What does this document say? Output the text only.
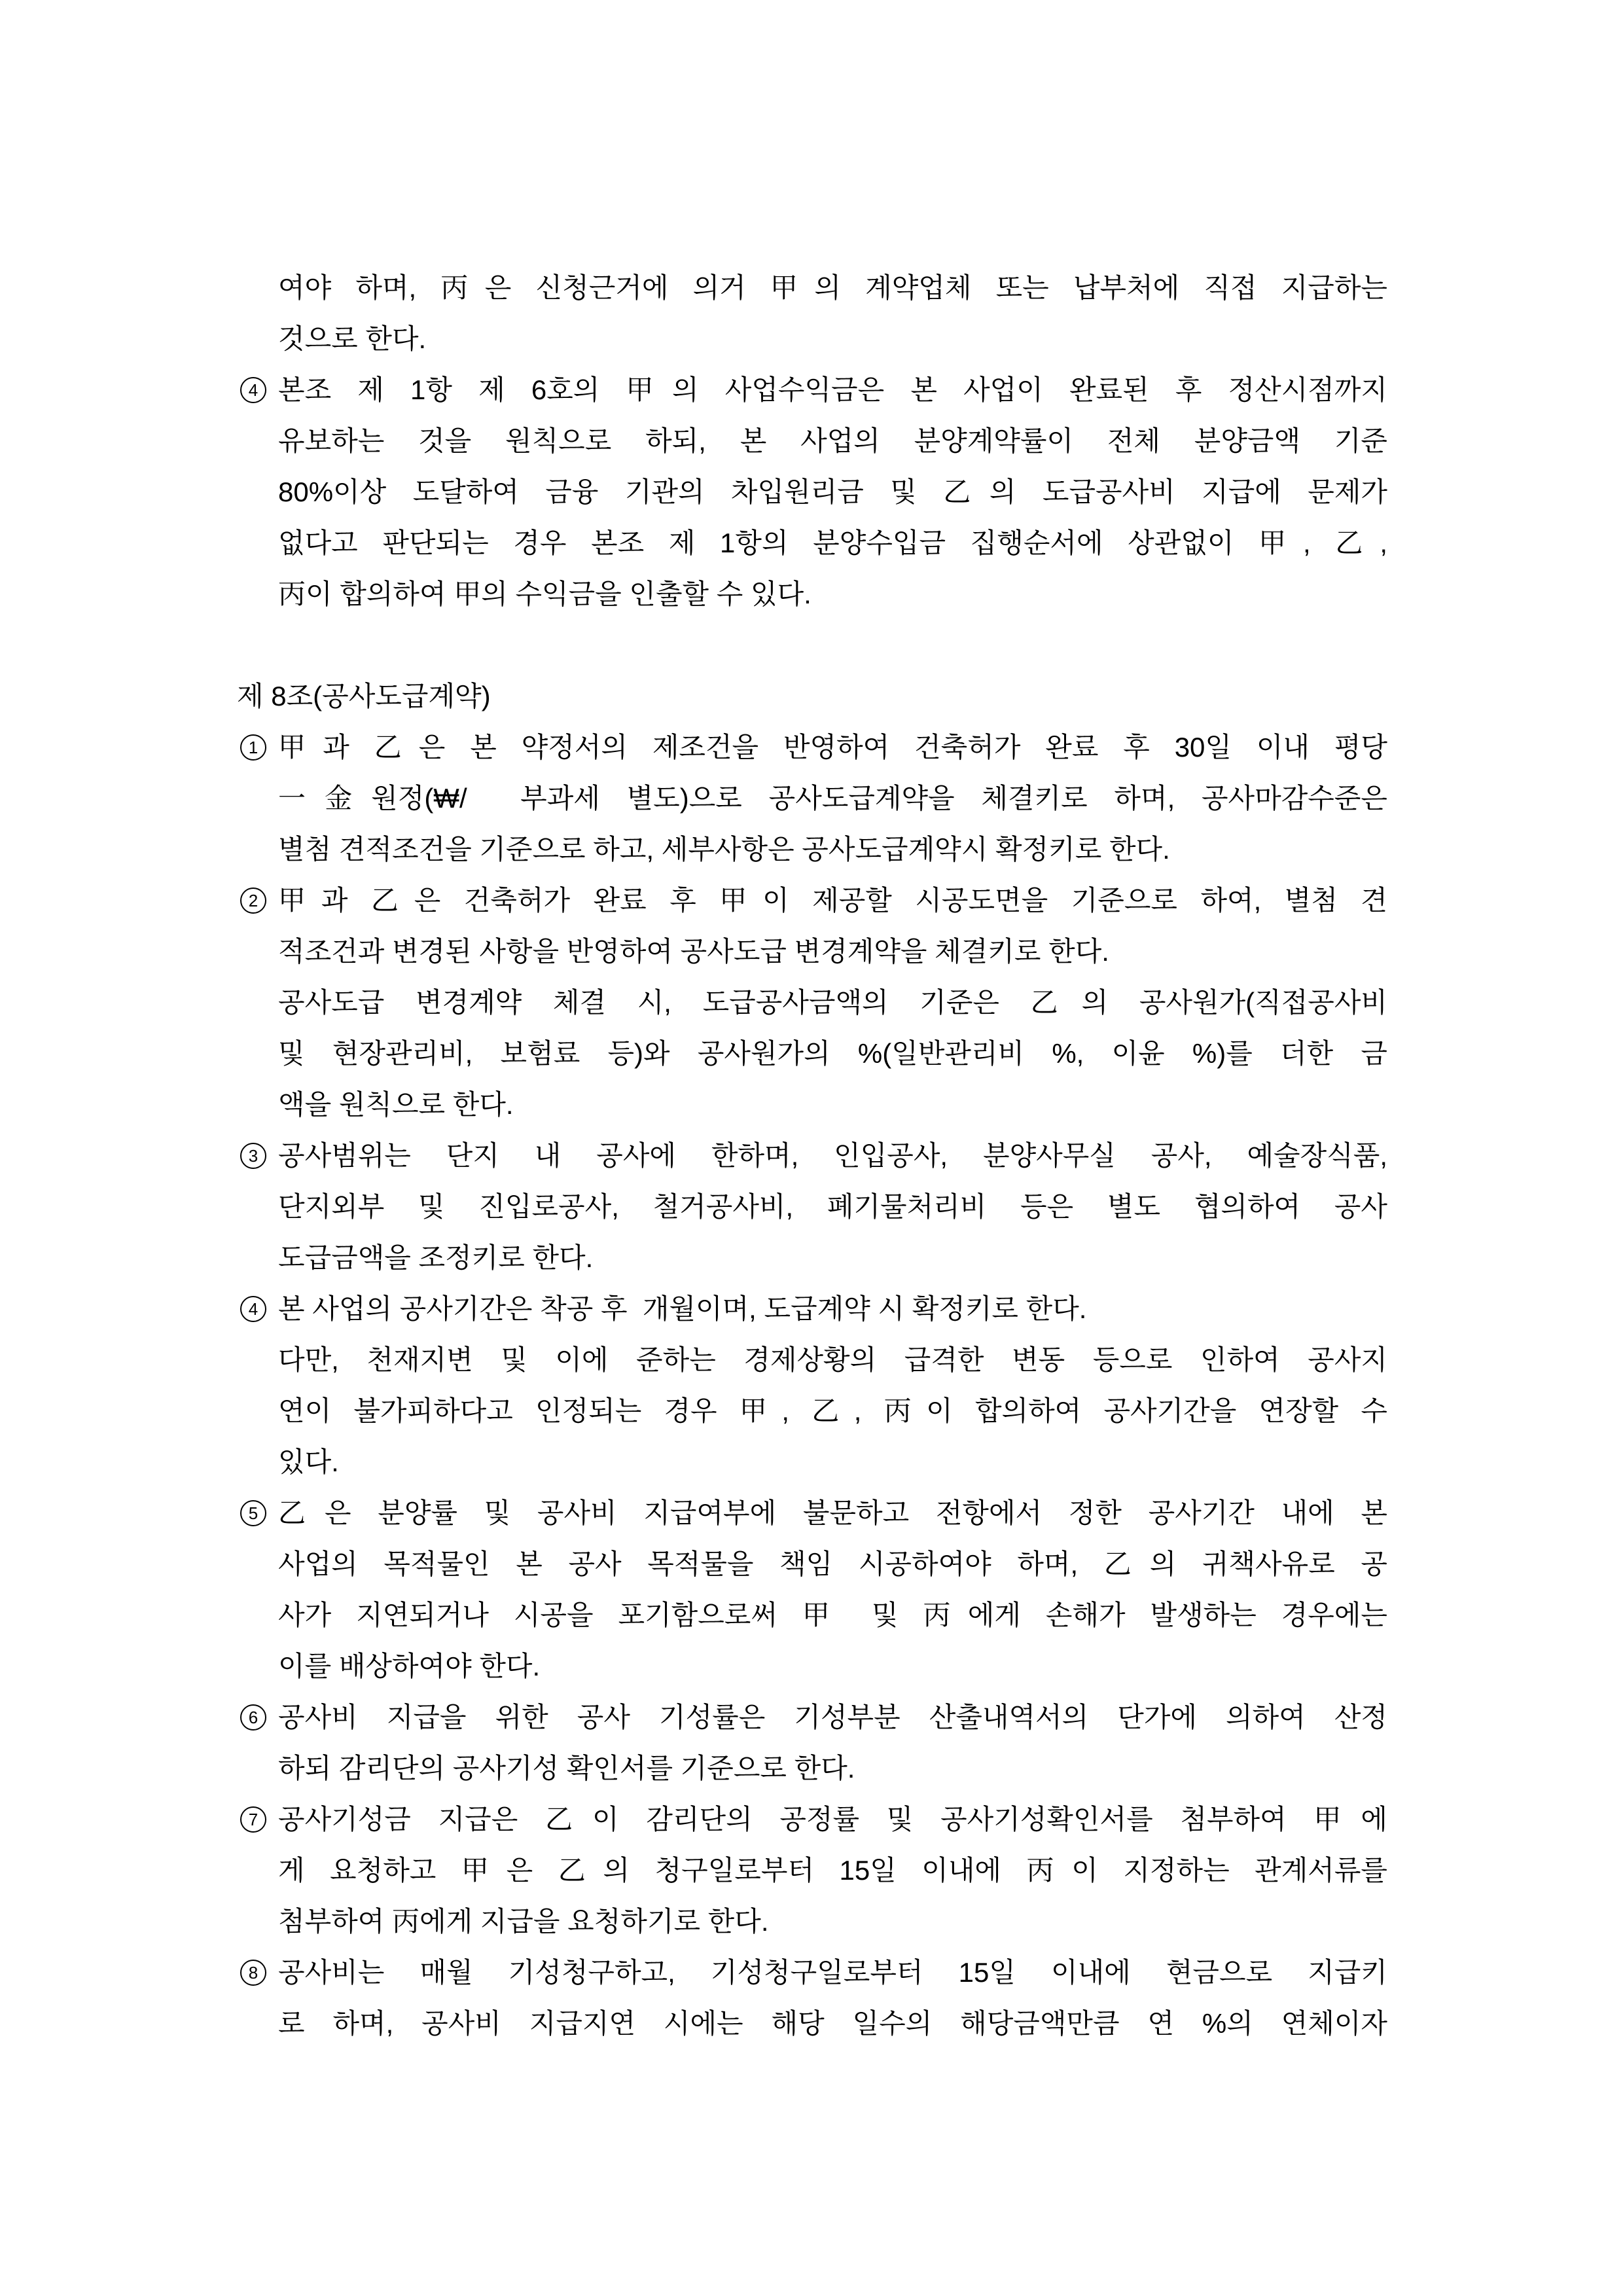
여야 하며, 丙은 신청근거에 의거 甲의 계약업체 또는 납부처에 직접 지급하는
것으로 한다.
4 본조 제 1항 제 6호의 甲의 사업수익금은 본 사업이 완료된 후 정산시점까지
유보하는 것을 원칙으로 하되, 본 사업의 분양계약률이 전체 분양금액 기준
80%이상 도달하여 금융 기관의 차입원리금 및 乙의 도급공사비 지급에 문제가
없다고 판단되는 경우 본조 제 1항의 분양수입금 집행순서에 상관없이 甲, 乙,
丙이 합의하여 甲의 수익금을 인출할 수 있다.
제 8조(공사도급계약)
1 甲과 乙은 본 약정서의 제조건을 반영하여 건축허가 완료 후 30일 이내 평당
一金원정(₩/  부과세 별도)으로 공사도급계약을 체결키로 하며, 공사마감수준은
별첨 견적조건을 기준으로 하고, 세부사항은 공사도급계약시 확정키로 한다.
2 甲과 乙은 건축허가 완료 후 甲이 제공할 시공도면을 기준으로 하여, 별첨 견
적조건과 변경된 사항을 반영하여 공사도급 변경계약을 체결키로 한다.
공사도급 변경계약 체결 시, 도급공사금액의 기준은 乙의 공사원가(직접공사비
및 현장관리비, 보험료 등)와 공사원가의 %(일반관리비 %, 이윤 %)를 더한 금
액을 원칙으로 한다.
3 공사범위는 단지 내 공사에 한하며, 인입공사, 분양사무실 공사, 예술장식품,
단지외부 및 진입로공사, 철거공사비, 폐기물처리비 등은 별도 협의하여 공사
도급금액을 조정키로 한다.
4 본 사업의 공사기간은 착공 후  개월이며, 도급계약 시 확정키로 한다.
다만, 천재지변 및 이에 준하는 경제상황의 급격한 변동 등으로 인하여 공사지
연이 불가피하다고 인정되는 경우 甲, 乙, 丙이 합의하여 공사기간을 연장할 수
있다.
5 乙은 분양률 및 공사비 지급여부에 불문하고 전항에서 정한 공사기간 내에 본
사업의 목적물인 본 공사 목적물을 책임 시공하여야 하며, 乙의 귀책사유로 공
사가 지연되거나 시공을 포기함으로써 甲 및 丙에게 손해가 발생하는 경우에는
이를 배상하여야 한다.
6 공사비 지급을 위한 공사 기성률은 기성부분 산출내역서의 단가에 의하여 산정
하되 감리단의 공사기성 확인서를 기준으로 한다.
7 공사기성금 지급은 乙이 감리단의 공정률 및 공사기성확인서를 첨부하여 甲에
게 요청하고 甲은 乙의 청구일로부터 15일 이내에 丙이 지정하는 관계서류를
첨부하여 丙에게 지급을 요청하기로 한다.
8 공사비는 매월 기성청구하고, 기성청구일로부터 15일 이내에 현금으로 지급키
로 하며, 공사비 지급지연 시에는 해당 일수의 해당금액만큼 연 %의 연체이자
